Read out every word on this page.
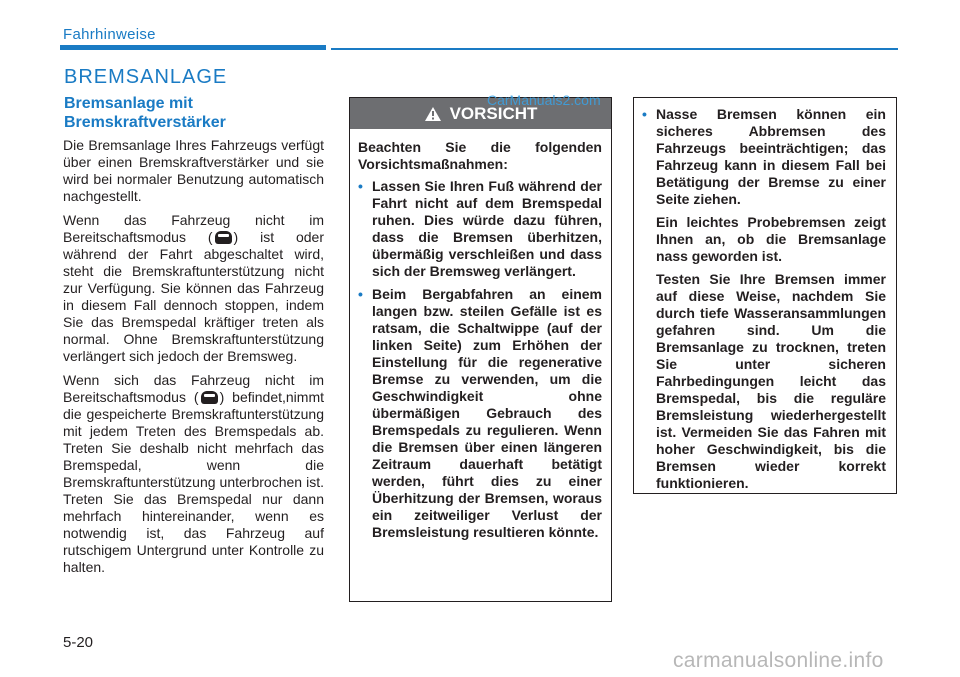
Fahrhinweise
BREMSANLAGE
Bremsanlage mit
Bremskraftverstärker

Die Bremsanlage Ihres Fahrzeugs verfügt über einen Bremskraftverstärker und sie wird bei normaler Benutzung automatisch nachgestellt.

Wenn das Fahrzeug nicht im Bereitschaftsmodus ( ) ist oder während der Fahrt abgeschaltet wird, steht die Bremskraftunterstützung nicht zur Verfügung. Sie können das Fahrzeug in diesem Fall dennoch stoppen, indem Sie das Bremspedal kräftiger treten als normal. Ohne Bremskraftunterstützung verlängert sich jedoch der Bremsweg.

Wenn sich das Fahrzeug nicht im Bereitschaftsmodus ( ) befindet,nimmt die gespeicherte Bremskraftunterstützung mit jedem Treten des Bremspedals ab. Treten Sie deshalb nicht mehrfach das Bremspedal, wenn die Bremskraftunterstützung unterbrochen ist. Treten Sie das Bremspedal nur dann mehrfach hintereinander, wenn es notwendig ist, das Fahrzeug auf rutschigem Untergrund unter Kontrolle zu halten.

VORSICHT

Beachten Sie die folgenden Vorsichtsmaßnahmen:

• Lassen Sie Ihren Fuß während der Fahrt nicht auf dem Bremspedal ruhen. Dies würde dazu führen, dass die Bremsen überhitzen, übermäßig verschleißen und dass sich der Bremsweg verlängert.
• Beim Bergabfahren an einem langen bzw. steilen Gefälle ist es ratsam, die Schaltwippe (auf der linken Seite) zum Erhöhen der Einstellung für die regenerative Bremse zu verwenden, um die Geschwindigkeit ohne übermäßigen Gebrauch des Bremspedals zu regulieren. Wenn die Bremsen über einen längeren Zeitraum dauerhaft betätigt werden, führt dies zu einer Überhitzung der Bremsen, woraus ein zeitweiliger Verlust der Bremsleistung resultieren könnte.
CarManuals2.com
• Nasse Bremsen können ein sicheres Abbremsen des Fahrzeugs beeinträchtigen; das Fahrzeug kann in diesem Fall bei Betätigung der Bremse zu einer Seite ziehen.
Ein leichtes Probebremsen zeigt Ihnen an, ob die Bremsanlage nass geworden ist.
Testen Sie Ihre Bremsen immer auf diese Weise, nachdem Sie durch tiefe Wasseransammlungen gefahren sind. Um die Bremsanlage zu trocknen, treten Sie unter sicheren Fahrbedingungen leicht das Bremspedal, bis die reguläre Bremsleistung wiederhergestellt ist. Vermeiden Sie das Fahren mit hoher Geschwindigkeit, bis die Bremsen wieder korrekt funktionieren.
5-20
carmanualsonline.info
